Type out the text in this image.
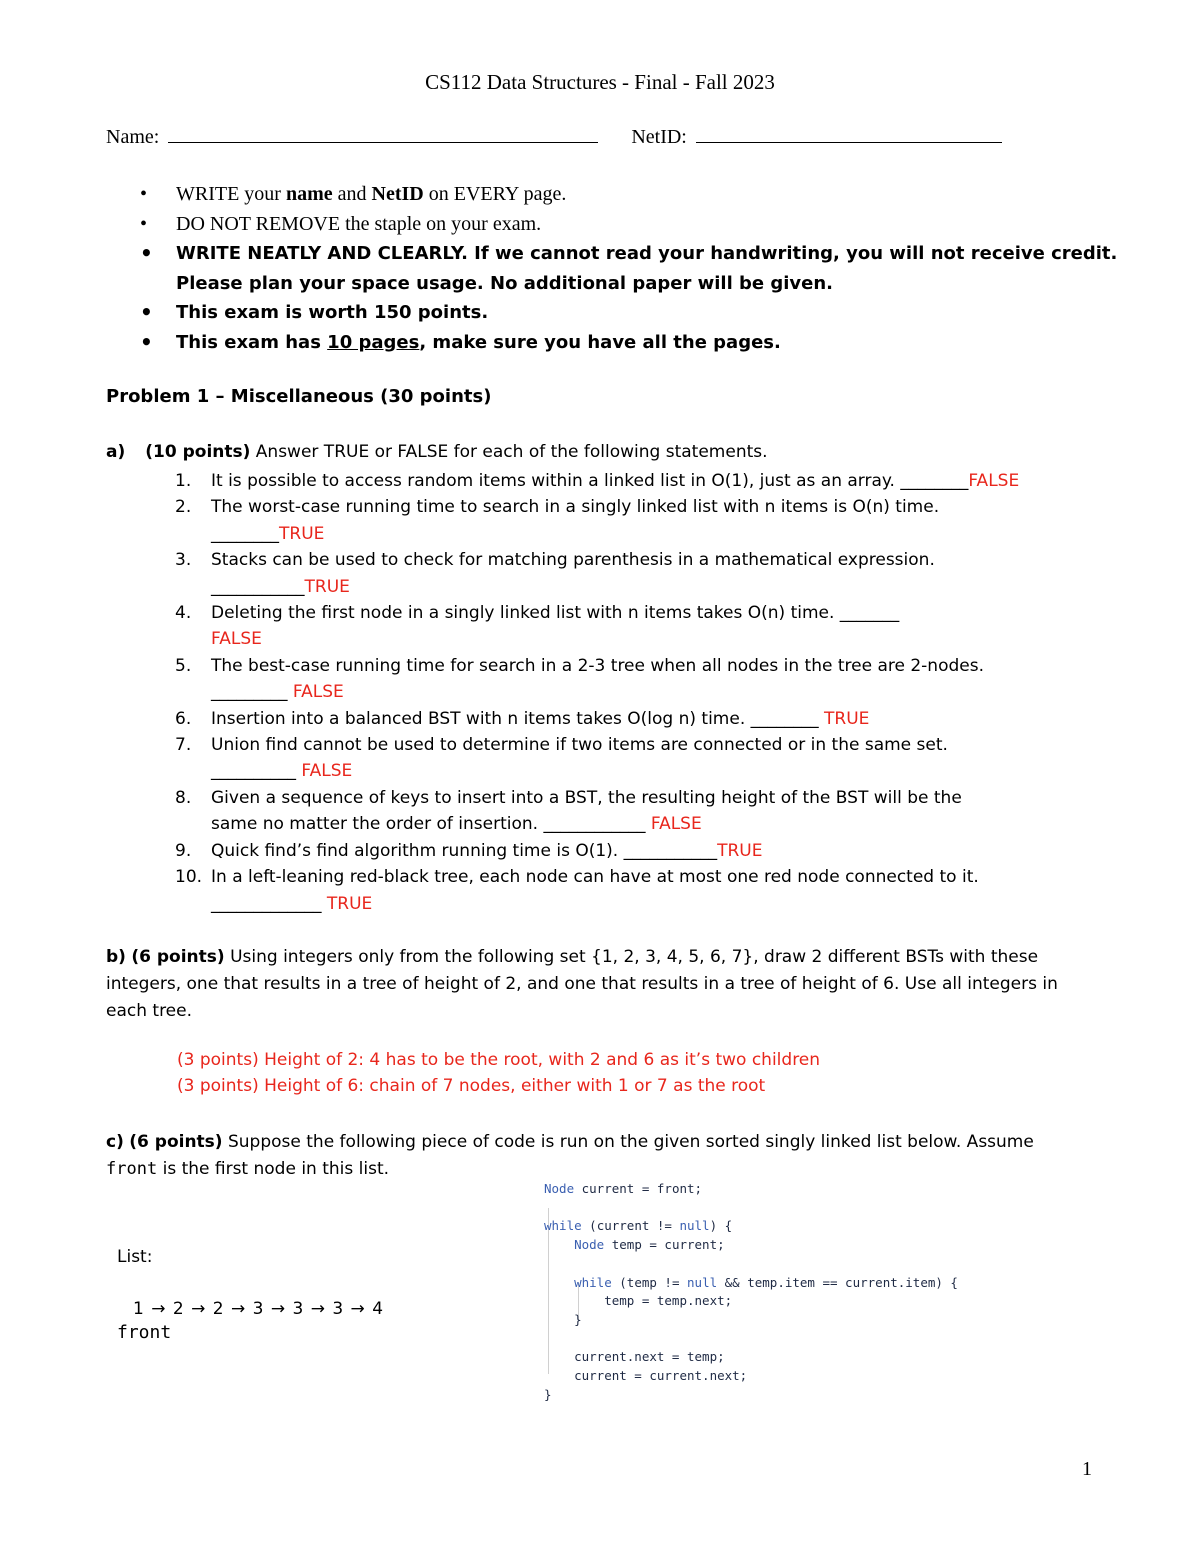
CS112 Data Structures - Final - Fall 2023
Name:	NetID:
• WRITE your name and NetID on EVERY page.
• DO NOT REMOVE the staple on your exam.
• WRITE NEATLY AND CLEARLY. If we cannot read your handwriting, you will not receive credit.
Please plan your space usage. No additional paper will be given.
• This exam is worth 150 points.
• This exam has 10 pages, make sure you have all the pages.
Problem 1 – Miscellaneous (30 points)
a) (10 points) Answer TRUE or FALSE for each of the following statements.
1. It is possible to access random items within a linked list in O(1), just as an array. ________FALSE
2. The worst-case running time to search in a singly linked list with n items is O(n) time.
________TRUE
3. Stacks can be used to check for matching parenthesis in a mathematical expression.
___________TRUE
4. Deleting the first node in a singly linked list with n items takes O(n) time. _______
FALSE
5. The best-case running time for search in a 2-3 tree when all nodes in the tree are 2-nodes.
_________ FALSE
6. Insertion into a balanced BST with n items takes O(log n) time. ________ TRUE
7. Union find cannot be used to determine if two items are connected or in the same set.
__________ FALSE
8. Given a sequence of keys to insert into a BST, the resulting height of the BST will be the
same no matter the order of insertion. ____________ FALSE
9. Quick find’s find algorithm running time is O(1). ___________TRUE
10. In a left-leaning red-black tree, each node can have at most one red node connected to it.
_____________ TRUE
b) (6 points) Using integers only from the following set {1, 2, 3, 4, 5, 6, 7}, draw 2 different BSTs with these
integers, one that results in a tree of height of 2, and one that results in a tree of height of 6. Use all integers in
each tree.
(3 points) Height of 2: 4 has to be the root, with 2 and 6 as it’s two children
(3 points) Height of 6: chain of 7 nodes, either with 1 or 7 as the root
c) (6 points) Suppose the following piece of code is run on the given sorted singly linked list below. Assume
front is the first node in this list.
Node current = front;

while (current != null) {
Node temp = current;

while (temp != null && temp.item == current.item) {
temp = temp.next;
}

current.next = temp;
current = current.next;
}
List:
1 → 2 → 2 → 3 → 3 → 3 → 4
front
1
